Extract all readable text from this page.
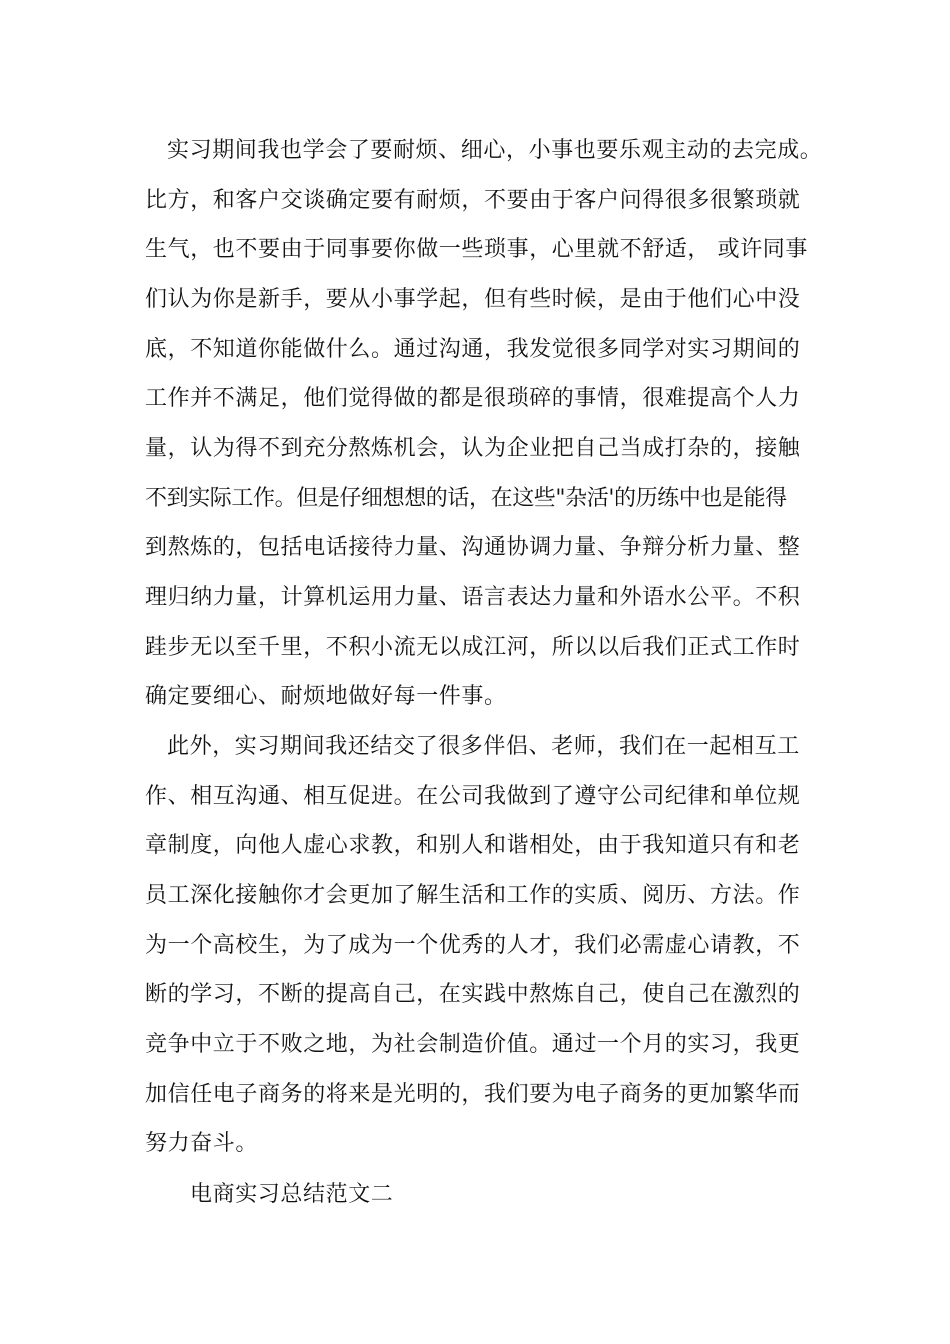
实习期间我也学会了要耐烦、细心，小事也要乐观主动的去完成。
比方，和客户交谈确定要有耐烦，不要由于客户问得很多很繁琐就
生气，也不要由于同事要你做一些琐事，心里就不舒适， 或许同事
们认为你是新手，要从小事学起，但有些时候，是由于他们心中没
底，不知道你能做什么。通过沟通，我发觉很多同学对实习期间的
工作并不满足，他们觉得做的都是很琐碎的事情，很难提高个人力
量，认为得不到充分熬炼机会，认为企业把自己当成打杂的，接触
不到实际工作。但是仔细想想的话，在这些"杂活'的历练中也是能得
到熬炼的，包括电话接待力量、沟通协调力量、争辩分析力量、整
理归纳力量，计算机运用力量、语言表达力量和外语水公平。不积
跬步无以至千里，不积小流无以成江河，所以以后我们正式工作时
确定要细心、耐烦地做好每一件事。
此外，实习期间我还结交了很多伴侣、老师，我们在一起相互工
作、相互沟通、相互促进。在公司我做到了遵守公司纪律和单位规
章制度，向他人虚心求教，和别人和谐相处，由于我知道只有和老
员工深化接触你才会更加了解生活和工作的实质、阅历、方法。作
为一个高校生，为了成为一个优秀的人才，我们必需虚心请教，不
断的学习，不断的提高自己，在实践中熬炼自己，使自己在激烈的
竞争中立于不败之地，为社会制造价值。通过一个月的实习，我更
加信任电子商务的将来是光明的，我们要为电子商务的更加繁华而
努力奋斗。
电商实习总结范文二
